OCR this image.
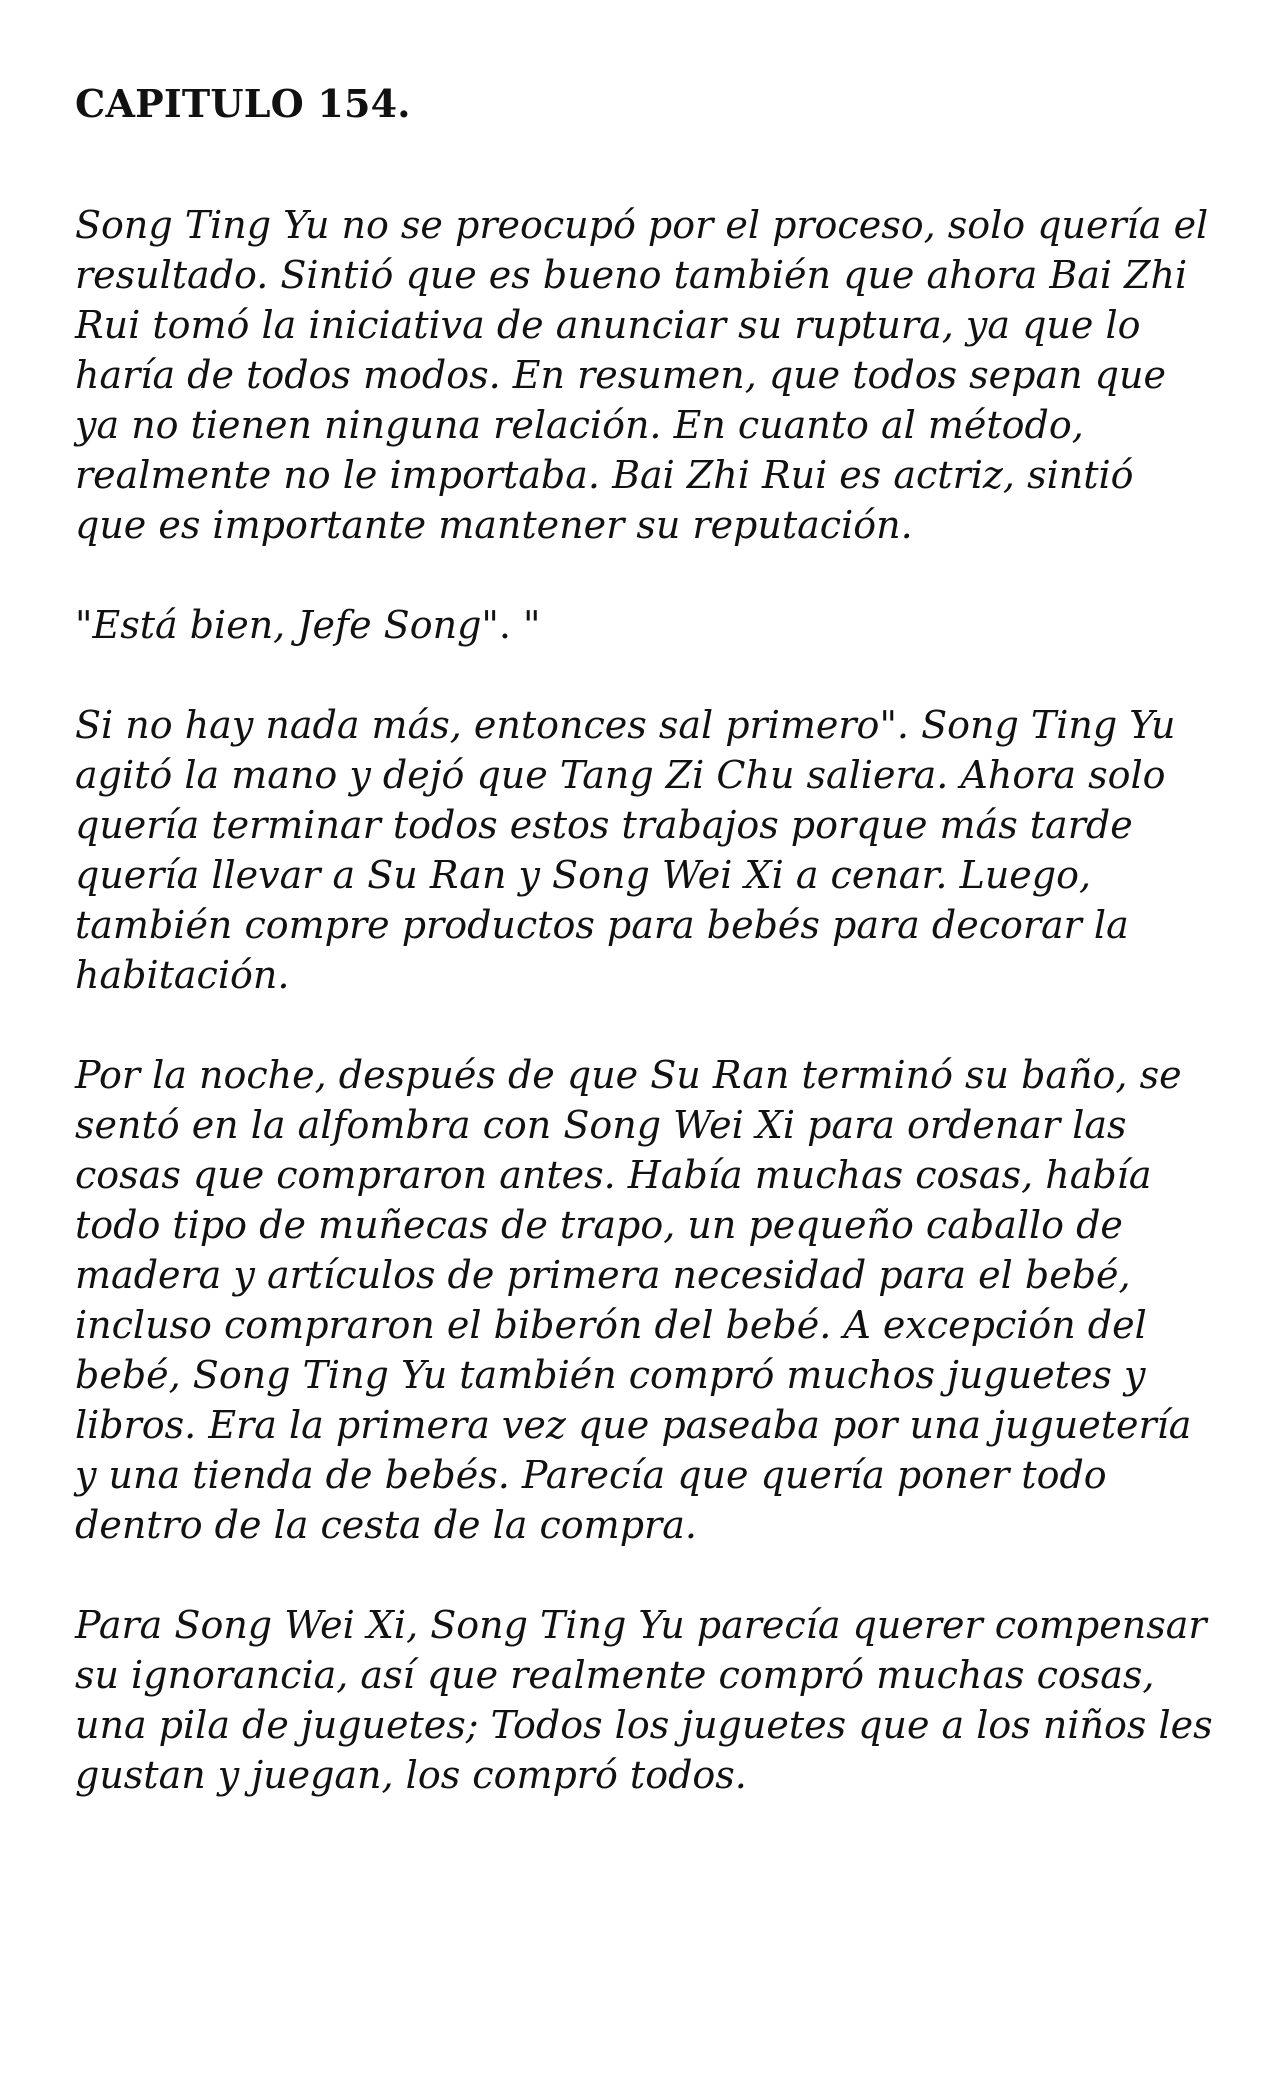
CAPITULO 154.

Song Ting Yu no se preocupó por el proceso, solo quería el resultado. Sintió que es bueno también que ahora Bai Zhi Rui tomó la iniciativa de anunciar su ruptura, ya que lo haría de todos modos. En resumen, que todos sepan que ya no tienen ninguna relación. En cuanto al método, realmente no le importaba. Bai Zhi Rui es actriz, sintió que es importante mantener su reputación.

"Está bien, Jefe Song". "

Si no hay nada más, entonces sal primero". Song Ting Yu agitó la mano y dejó que Tang Zi Chu saliera. Ahora solo quería terminar todos estos trabajos porque más tarde quería llevar a Su Ran y Song Wei Xi a cenar. Luego, también compre productos para bebés para decorar la habitación.

Por la noche, después de que Su Ran terminó su baño, se sentó en la alfombra con Song Wei Xi para ordenar las cosas que compraron antes. Había muchas cosas, había todo tipo de muñecas de trapo, un pequeño caballo de madera y artículos de primera necesidad para el bebé, incluso compraron el biberón del bebé. A excepción del bebé, Song Ting Yu también compró muchos juguetes y libros. Era la primera vez que paseaba por una juguetería y una tienda de bebés. Parecía que quería poner todo dentro de la cesta de la compra.

Para Song Wei Xi, Song Ting Yu parecía querer compensar su ignorancia, así que realmente compró muchas cosas, una pila de juguetes; Todos los juguetes que a los niños les gustan y juegan, los compró todos.
